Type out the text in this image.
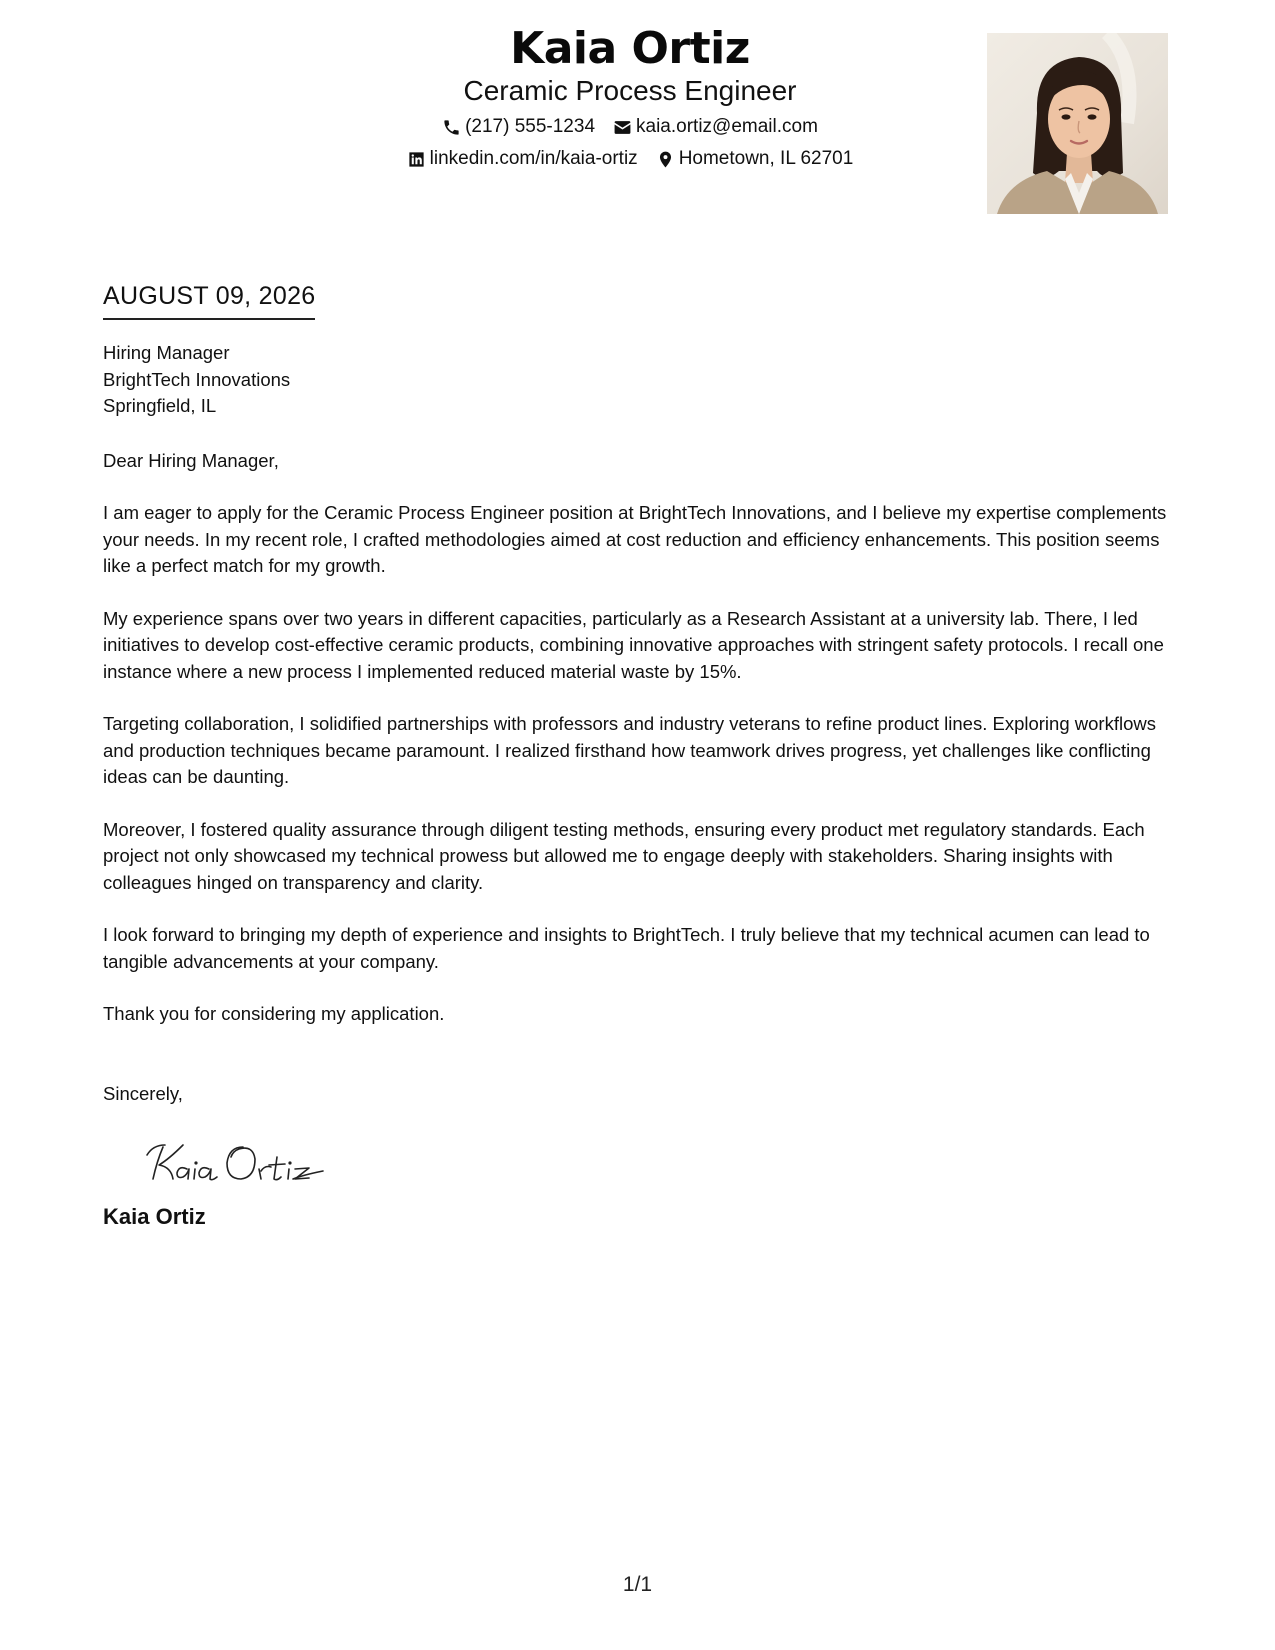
Kaia Ortiz
Ceramic Process Engineer
(217) 555-1234 kaia.ortiz@email.com
linkedin.com/in/kaia-ortiz Hometown, IL 62701
AUGUST 09, 2026
Hiring Manager
BrightTech Innovations
Springfield, IL
Dear Hiring Manager,
I am eager to apply for the Ceramic Process Engineer position at BrightTech Innovations, and I believe my expertise complements your needs. In my recent role, I crafted methodologies aimed at cost reduction and efficiency enhancements. This position seems like a perfect match for my growth.
My experience spans over two years in different capacities, particularly as a Research Assistant at a university lab. There, I led initiatives to develop cost-effective ceramic products, combining innovative approaches with stringent safety protocols. I recall one instance where a new process I implemented reduced material waste by 15%.
Targeting collaboration, I solidified partnerships with professors and industry veterans to refine product lines. Exploring workflows and production techniques became paramount. I realized firsthand how teamwork drives progress, yet challenges like conflicting ideas can be daunting.
Moreover, I fostered quality assurance through diligent testing methods, ensuring every product met regulatory standards. Each project not only showcased my technical prowess but allowed me to engage deeply with stakeholders. Sharing insights with colleagues hinged on transparency and clarity.
I look forward to bringing my depth of experience and insights to BrightTech. I truly believe that my technical acumen can lead to tangible advancements at your company.
Thank you for considering my application.
Sincerely,
Kaia Ortiz
1/1
